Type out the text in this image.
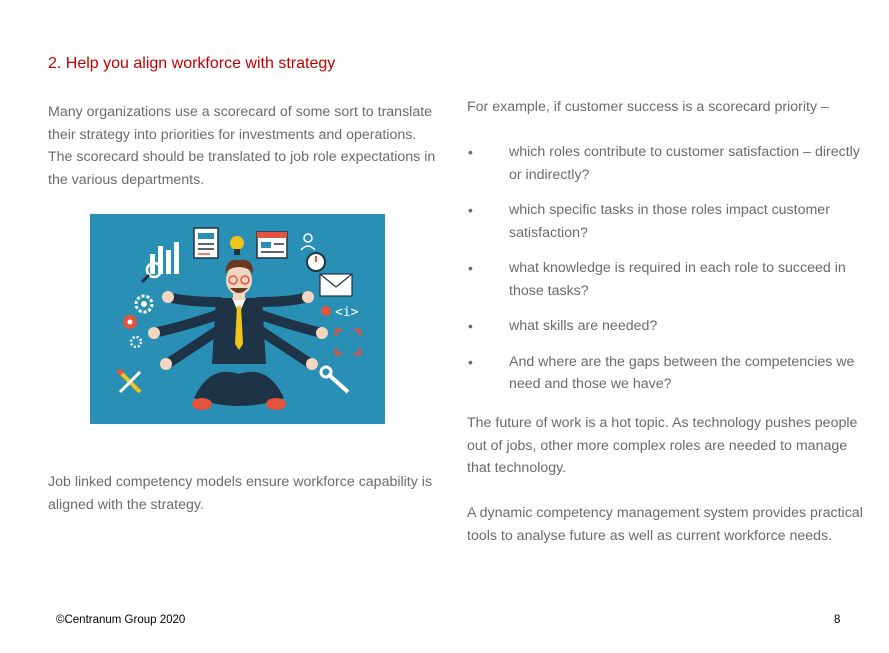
2. Help you align workforce with strategy
Many organizations use a scorecard of some sort to translate their strategy into priorities for investments and operations. The scorecard should be translated to job role expectations in the various departments.
<i>
Job linked competency models ensure workforce capability is aligned with the strategy.
For example, if customer success is a scorecard priority –
•	which roles contribute to customer satisfaction – directly or indirectly?
•	which specific tasks in those roles impact customer satisfaction?
•	what knowledge is required in each role to succeed in those tasks?
•	what skills are needed?
•	And where are the gaps between the competencies we need and those we have?
The future of work is a hot topic. As technology pushes people out of jobs, other more complex roles are needed to manage that technology.
A dynamic competency management system provides practical tools to analyse future as well as current workforce needs.
©Centranum Group 2020	8
